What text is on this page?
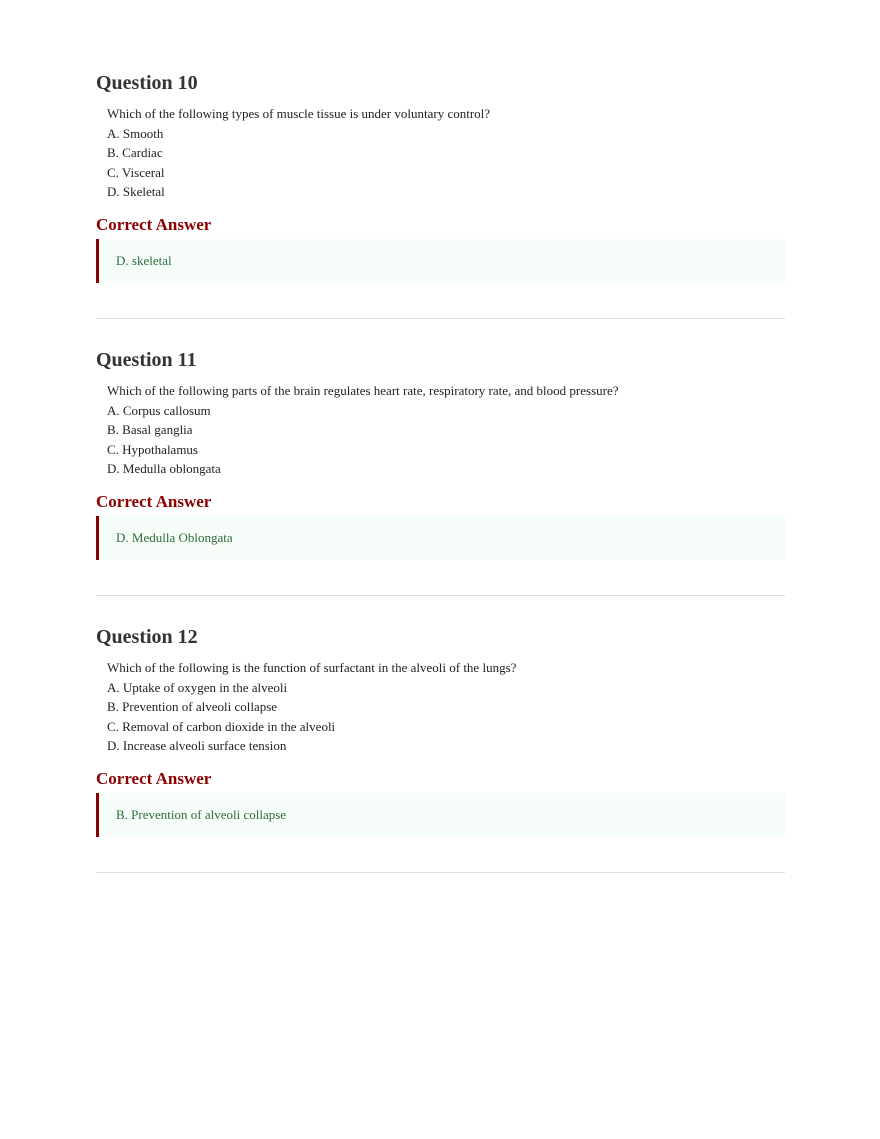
Question 10
Which of the following types of muscle tissue is under voluntary control?
A. Smooth
B. Cardiac
C. Visceral
D. Skeletal
Correct Answer
D. skeletal
Question 11
Which of the following parts of the brain regulates heart rate, respiratory rate, and blood pressure?
A. Corpus callosum
B. Basal ganglia
C. Hypothalamus
D. Medulla oblongata
Correct Answer
D. Medulla Oblongata
Question 12
Which of the following is the function of surfactant in the alveoli of the lungs?
A. Uptake of oxygen in the alveoli
B. Prevention of alveoli collapse
C. Removal of carbon dioxide in the alveoli
D. Increase alveoli surface tension
Correct Answer
B. Prevention of alveoli collapse
